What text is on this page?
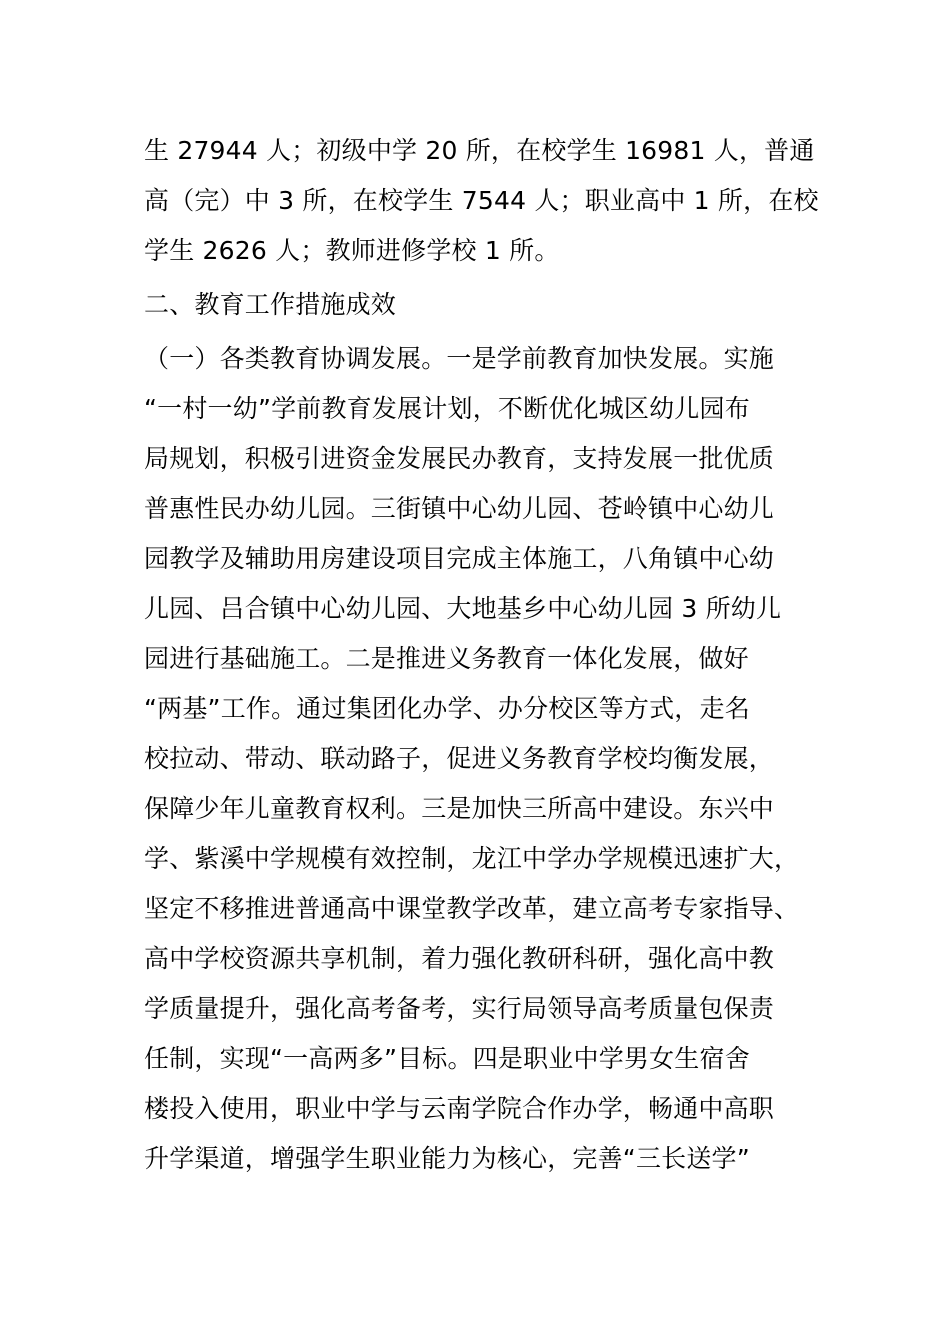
生 27944 人；初级中学 20 所，在校学生 16981 人，普通
高（完）中 3 所，在校学生 7544 人；职业高中 1 所，在校
学生 2626 人；教师进修学校 1 所。
二、教育工作措施成效
（一）各类教育协调发展。一是学前教育加快发展。实施
“一村一幼”学前教育发展计划，不断优化城区幼儿园布
局规划，积极引进资金发展民办教育，支持发展一批优质
普惠性民办幼儿园。三街镇中心幼儿园、苍岭镇中心幼儿
园教学及辅助用房建设项目完成主体施工，八角镇中心幼
儿园、吕合镇中心幼儿园、大地基乡中心幼儿园 3 所幼儿
园进行基础施工。二是推进义务教育一体化发展，做好
“两基”工作。通过集团化办学、办分校区等方式，走名
校拉动、带动、联动路子，促进义务教育学校均衡发展，
保障少年儿童教育权利。三是加快三所高中建设。东兴中
学、紫溪中学规模有效控制，龙江中学办学规模迅速扩大，
坚定不移推进普通高中课堂教学改革，建立高考专家指导、
高中学校资源共享机制，着力强化教研科研，强化高中教
学质量提升，强化高考备考，实行局领导高考质量包保责
任制，实现“一高两多”目标。四是职业中学男女生宿舍
楼投入使用，职业中学与云南学院合作办学，畅通中高职
升学渠道，增强学生职业能力为核心，完善“三长送学”
